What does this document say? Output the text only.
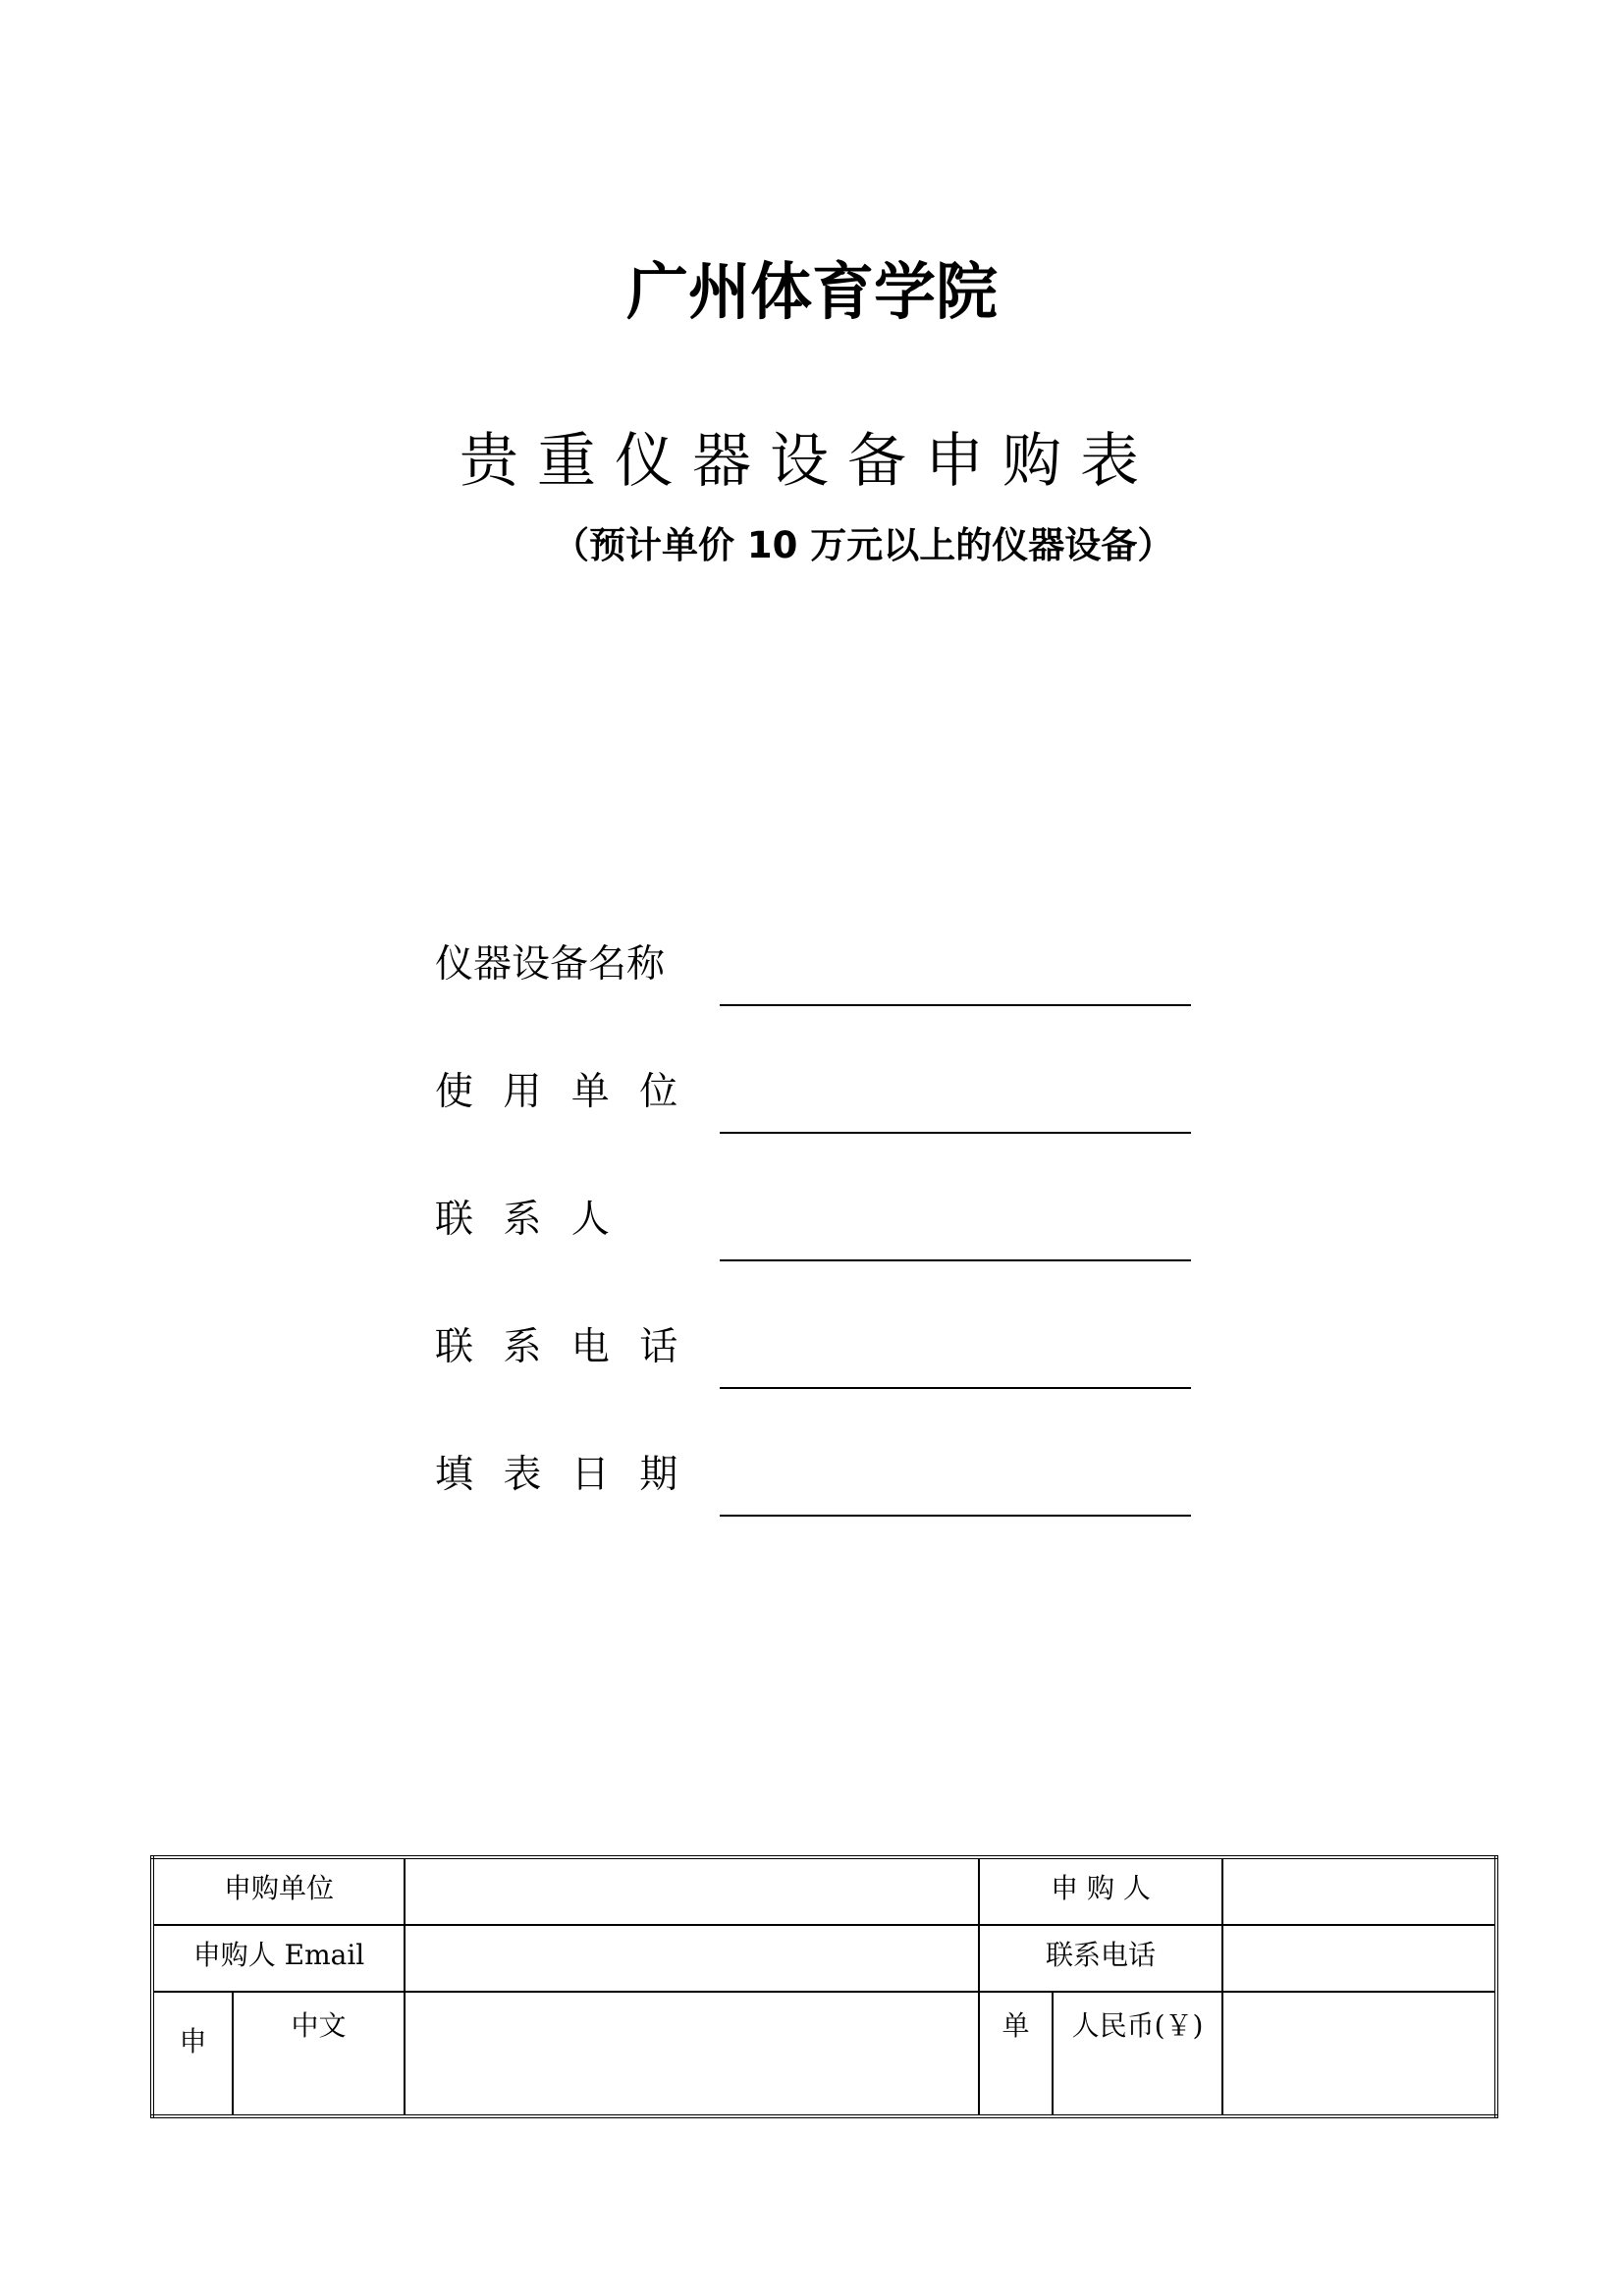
广州体育学院
贵重仪器设备申购表
（预计单价 10 万元以上的仪器设备）
仪器设备名称
使 用 单 位
联 系 人
联 系 电 话
填 表 日 期
申购单位			申 购 人		
申购人 Email			联系电话		
申	中文		单	人民币(￥)	
